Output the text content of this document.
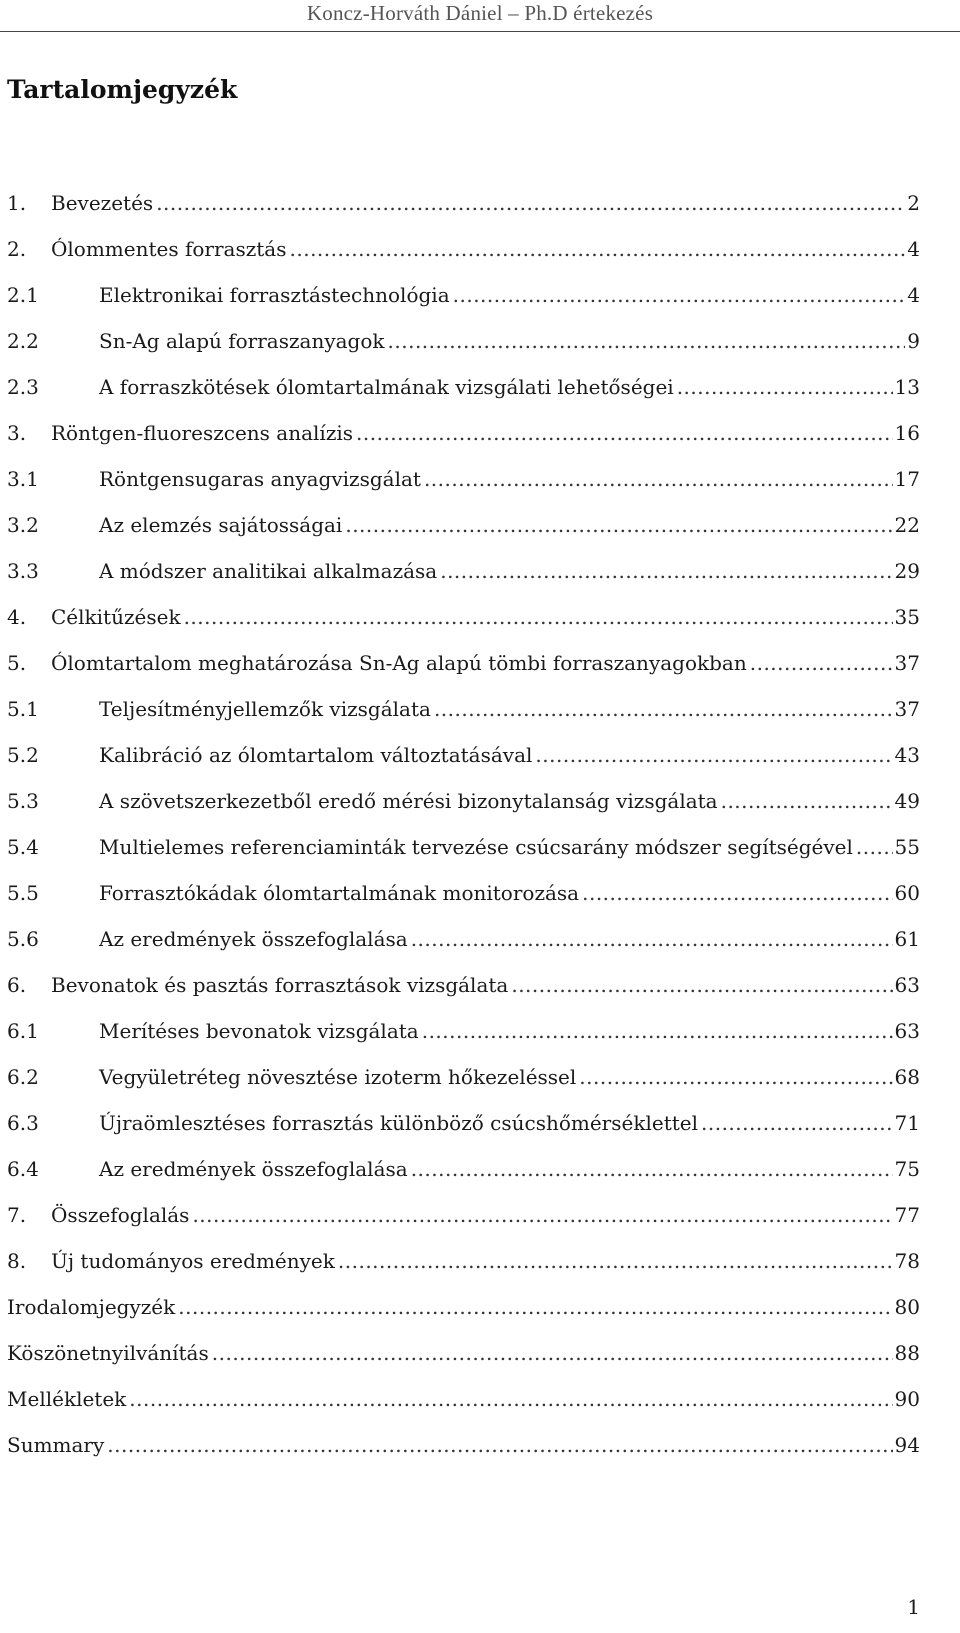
Koncz-Horváth Dániel – Ph.D értekezés
Tartalomjegyzék
1.	Bevezetés .....	2
2.	Ólommentes forrasztás .....	4
2.1	Elektronikai forrasztástechnológia .....	4
2.2	Sn-Ag alapú forraszanyagok .....	9
2.3	A forraszkötések ólomtartalmának vizsgálati lehetőségei .....	13
3.	Röntgen-fluoreszcens analízis .....	16
3.1	Röntgensugaras anyagvizsgálat .....	17
3.2	Az elemzés sajátosságai .....	22
3.3	A módszer analitikai alkalmazása .....	29
4.	Célkitűzések .....	35
5.	Ólomtartalom meghatározása Sn-Ag alapú tömbi forraszanyagokban .....	37
5.1	Teljesítményjellemzők vizsgálata .....	37
5.2	Kalibráció az ólomtartalom változtatásával .....	43
5.3	A szövetszerkezetből eredő mérési bizonytalanság vizsgálata .....	49
5.4	Multielemes referenciaminták tervezése csúcsarány módszer segítségével ..... 55
5.5	Forrasztókádak ólomtartalmának monitorozása .....	60
5.6	Az eredmények összefoglalása .....	61
6.	Bevonatok és pasztás forrasztások vizsgálata .....	63
6.1	Merítéses bevonatok vizsgálata .....	63
6.2	Vegyületréteg növesztése izoterm hőkezeléssel .....	68
6.3	Újraömlesztéses forrasztás különböző csúcshőmérséklettel .....	71
6.4	Az eredmények összefoglalása .....	75
7.	Összefoglalás .....	77
8.	Új tudományos eredmények .....	78
Irodalomjegyzék .....	80
Köszönetnyilvánítás .....	88
Mellékletek .....	90
Summary .....	94
1
